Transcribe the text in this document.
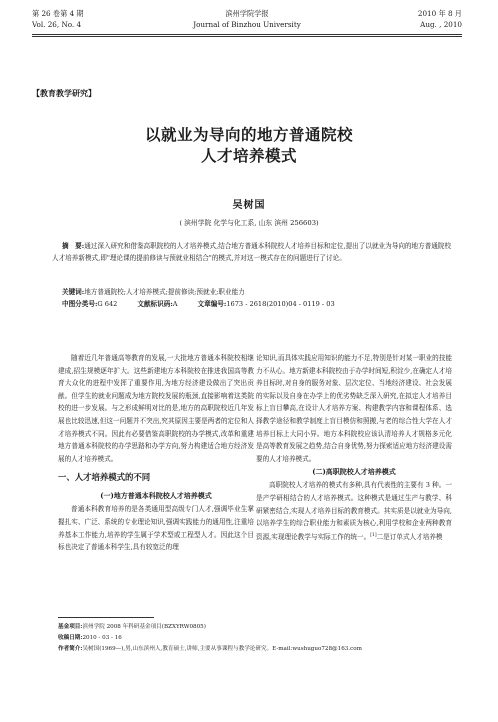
第 26 卷第 4 期	滨州学院学报	2010 年 8 月
Vol. 26, No. 4	Journal of Binzhou University	Aug. , 2010
【教育教学研究】
以就业为导向的地方普通院校
人才培养模式
吴树国
( 滨州学院 化学与化工系, 山东 滨州 256603)
摘　要:通过深入研究和借鉴高职院校的人才培养模式,结合地方普通本科院校人才培养目标和定位,提出了以就业为导向的地方普通院校人才培养新模式,即"理论课的提前修读与预就业相结合"的模式,并对这一模式存在的问题进行了讨论。
关键词:地方普通院校;人才培养模式;提前修读;预就业;职业能力
中图分类号:G 642	文献标识码:A	文章编号:1673 - 2618(2010)04 - 0119 - 03

随着近几年普通高等教育的发展,一大批地方普通本科院校相继建成,招生规模逐年扩大。这些新建地方本科院校在推进我国高等教育大众化的进程中发挥了重要作用,为地方经济建设做出了突出贡献。但学生的就业问题成为地方院校发展的瓶颈,直接影响着这类院校的进一步发展。与之形成鲜明对比的是,地方的高职院校近几年发展也比较迅速,但这一问题并不突出,究其原因主要是两者的定位和人才培养模式不同。因此有必要借鉴高职院校的办学模式,改革和重建地方普通本科院校的办学思路和办学方向,努力构建适合地方经济发展的人才培养模式。

一、人才培养模式的不同
(一)地方普通本科院校人才培养模式

普通本科教育培养的是各类通用型高级专门人才,强调毕业生掌握扎实、广泛、系统的专业理论知识,强调实践能力的通用性,注重培养基本工作能力,培养的学生属于学术型或工程型人才。因此这个目标也决定了普通本科学生,具有较宽泛的理

论知识,而具体实践应用知识的能力不足,特别是针对某一职业的技能力不从心。地方新建本科院校由于办学时间短,积淀少,在确定人才培养目标时,对自身的服务对象、层次定位、当地经济建设、社会发展的实际以及自身在办学上的优劣势缺乏深入研究,在拟定人才培养目标上盲目攀高,在设计人才培养方案、构建教学内容和课程体系、选择教学途径和教学制度上盲目模仿和照搬,与老的综合性大学在人才培养目标上大同小异。地方本科院校应该认清培养人才规格多元化是高等教育发展之趋势,结合自身优势,努力探索适应地方经济建设需要的人才培养模式。

(二)高职院校人才培养模式

高职院校人才培养的模式有多种,具有代表性的主要有 3 种。一是产学研相结合的人才培养模式。这种模式是通过生产与教学、科研紧密结合,实现人才培养目标的教育模式。其实质是以就业为导向,以培养学生的综合职业能力和素质为核心,利用学校和企业两种教育资源,实现理论教学与实际工作的统一。[1]二是订单式人才培养模

基金项目:滨州学院 2008 年科研基金项目(BZXYRW0805)
收稿日期:2010 - 03 - 16
作者简介:吴树国(1969—),男,山东滨州人,教育硕士,讲师,主要从事课程与教学论研究。E-mail:wushuguo728@163.com
